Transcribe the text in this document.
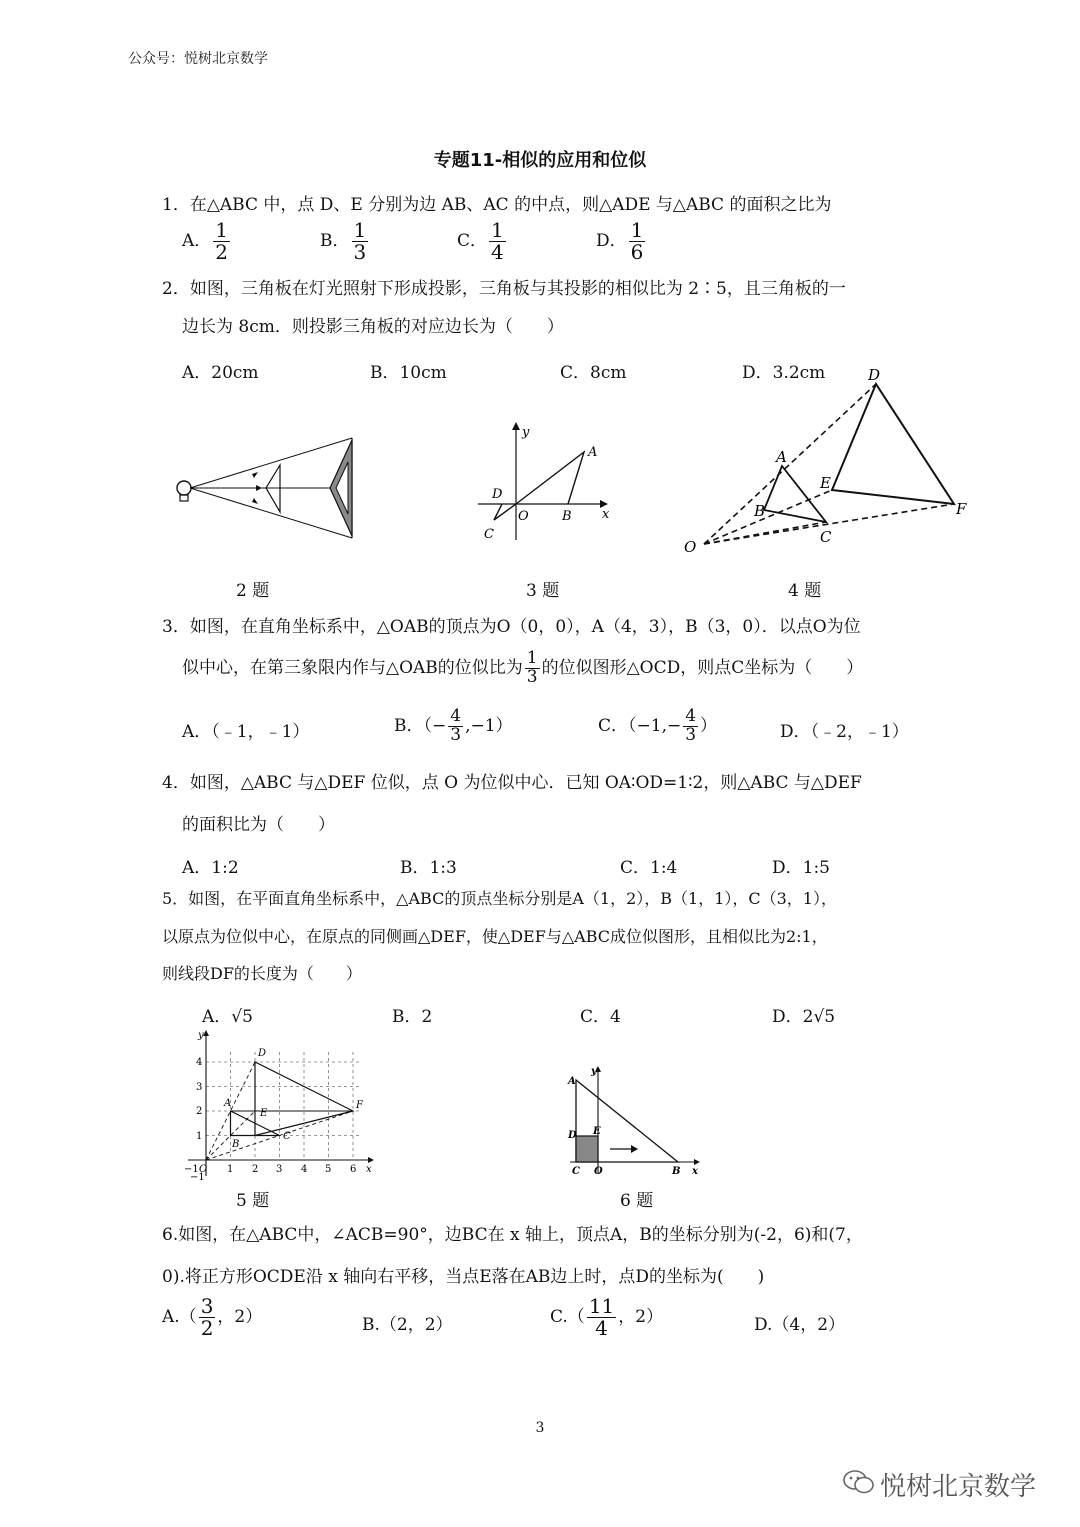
公众号：悦树北京数学
专题11-相似的应用和位似
1．在△ABC 中，点 D、E 分别为边 AB、AC 的中点，则△ADE 与△ABC 的面积之比为
A． $\frac{1}{2}$	B． $\frac{1}{3}$	C． $\frac{1}{4}$	D． $\frac{1}{6}$
2．如图，三角板在灯光照射下形成投影，三角板与其投影的相似比为 2∶5，且三角板的一
边长为 8cm．则投影三角板的对应边长为（　　）
A．20cm	B．10cm	C．8cm	D．3.2cm
y
x
A
B
O
C
D
D
A
E
B
C
F
O
2 题	3 题	4 题
3．如图，在直角坐标系中，△OAB的顶点为O（0，0），A（4，3），B（3，0）．以点O为位
似中心，在第三象限内作与△OAB的位似比为 $\frac{1}{3}$ 的位似图形△OCD，则点C坐标为（　　）
A．（﹣1，﹣1）	B．（− $\frac{4}{3} ,-1$）	C．（$-1,- \frac{4}{3}$ ）	D．（﹣2，﹣1）
4．如图，△ABC 与△DEF 位似，点 O 为位似中心．已知 OA∶OD=1∶2，则△ABC 与△DEF
的面积比为（　　）
A．1:2	B．1:3	C．1:4	D．1:5
5．如图，在平面直角坐标系中，△ABC的顶点坐标分别是A（1，2），B（1，1），C（3，1），
以原点为位似中心，在原点的同侧画△DEF，使△DEF与△ABC成位似图形，且相似比为2:1，
则线段DF的长度为（　　）
A．√5	B．2	C．4	D．2√5
−1 O 1 2 3 4 5 6 x
4
3
2
1
−1
y
D
A
E
B
C
F
A
y
D E
C O	B x
5 题	6 题
6.如图，在△ABC中，∠ACB=90°，边BC在 x 轴上，顶点A，B的坐标分别为(-2，6)和(7，
0).将正方形OCDE沿 x 轴向右平移，当点E落在AB边上时，点D的坐标为(　　)
$A.( \frac{3}{2}$ ，2）	B.（2，2）	$C.( \frac{11}{4}$ ，2）	D.（4，2）
3
悦树北京数学
